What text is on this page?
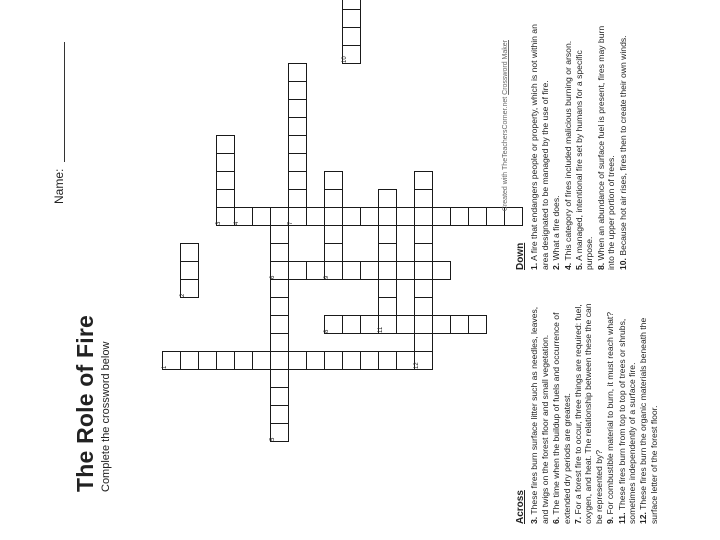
The Role of Fire Complete the crossword below
Name:
1
2
3 4
5
6
7
8
9
10
11
12
Created with TheTeachersCorner.net Crossword Maker
Across 3. These fires burn surface litter such as needles, leaves, and twigs on the forest floor and small vegetation. 6. The time when the buildup of fuels and occurrence of extended dry periods are greatest. 7. For a forest fire to occur, three things are required: fuel, oxygen, and heat. The relationship between these the can be represented by? 9. For combustible material to burn, it must reach what?
11. These fires burn from top to top of trees or shrubs, sometimes independently of a surface fire. 12. These fires burn the organic materials beneath the surface letter of the forest floor.
Down 1. A fire that endangers people or property, which is not within an area designated to be managed by the use of fire. 2. What a fire does.
4. This category of fires included malicious burning or arson.
5. A managed, intentional fire set by humans for a specific purpose. 8. When an abundance of surface fuel is present, fires may burn into the upper portion of trees. 10. Because hot air rises, fires then to create their own winds.
